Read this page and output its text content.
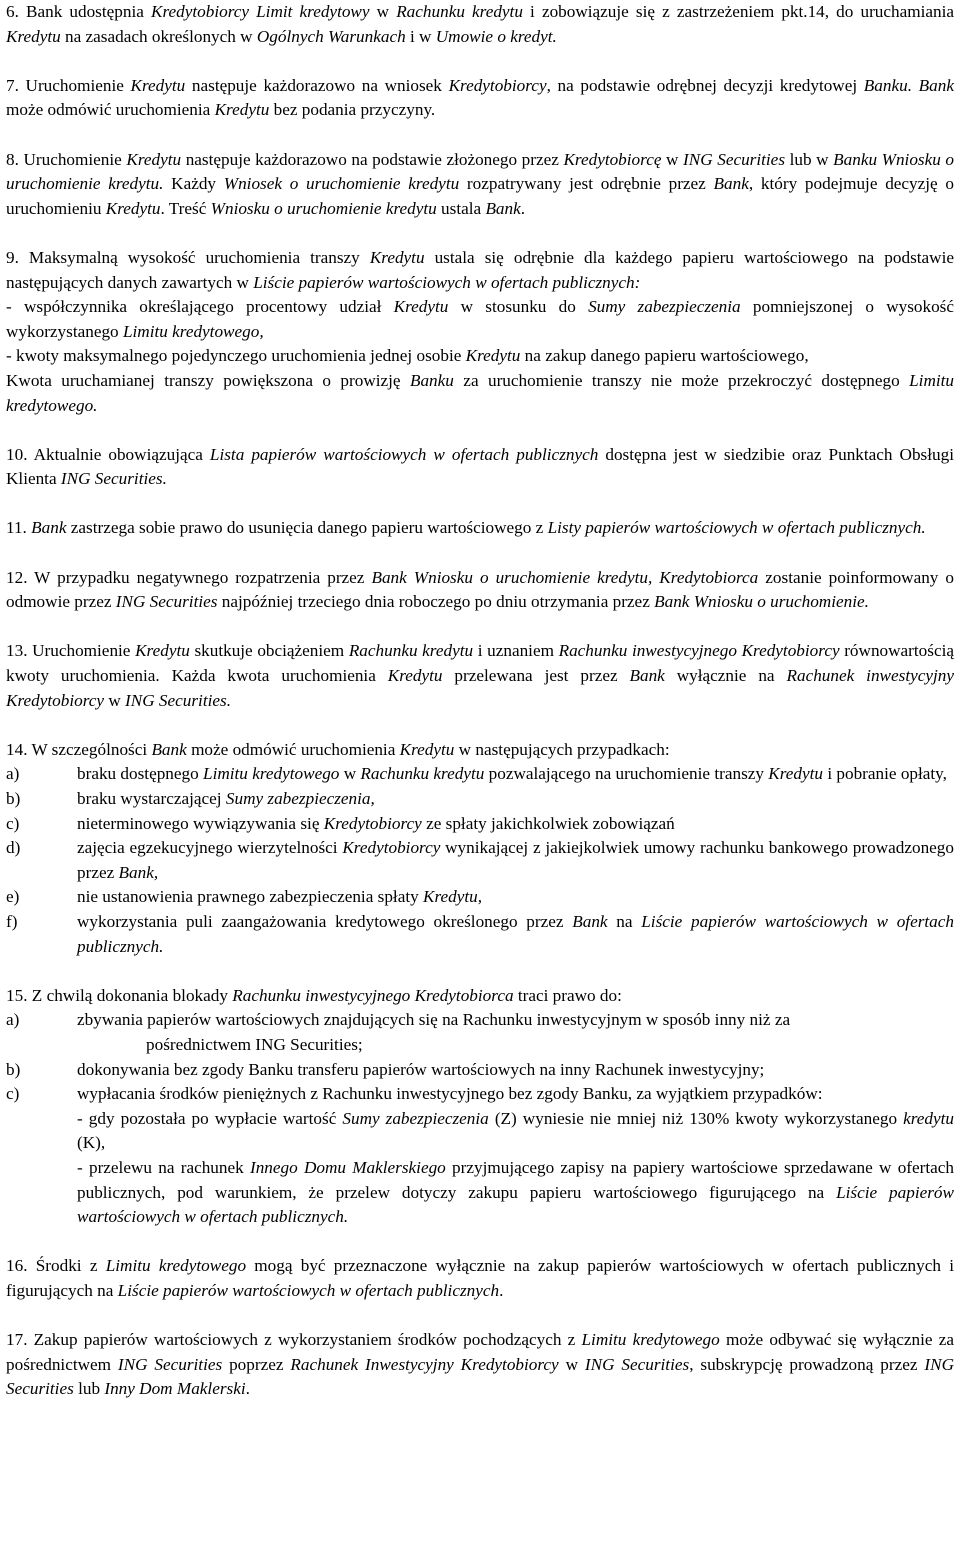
6. Bank udostępnia Kredytobiorcy Limit kredytowy w Rachunku kredytu i zobowiązuje się z zastrzeżeniem pkt.14, do uruchamiania Kredytu na zasadach określonych w Ogólnych Warunkach i w Umowie o kredyt.

7. Uruchomienie Kredytu następuje każdorazowo na wniosek Kredytobiorcy, na podstawie odrębnej decyzji kredytowej Banku. Bank może odmówić uruchomienia Kredytu bez podania przyczyny.

8. Uruchomienie Kredytu następuje każdorazowo na podstawie złożonego przez Kredytobiorcę w ING Securities lub w Banku Wniosku o uruchomienie kredytu. Każdy Wniosek o uruchomienie kredytu rozpatrywany jest odrębnie przez Bank, który podejmuje decyzję o uruchomieniu Kredytu. Treść Wniosku o uruchomienie kredytu ustala Bank.

9. Maksymalną wysokość uruchomienia transzy Kredytu ustala się odrębnie dla każdego papieru wartościowego na podstawie następujących danych zawartych w Liście papierów wartościowych w ofertach publicznych:

- współczynnika określającego procentowy udział Kredytu w stosunku do Sumy zabezpieczenia pomniejszonej o wysokość wykorzystanego Limitu kredytowego,

- kwoty maksymalnego pojedynczego uruchomienia jednej osobie Kredytu na zakup danego papieru wartościowego,

Kwota uruchamianej transzy powiększona o prowizję Banku za uruchomienie transzy nie może przekroczyć dostępnego Limitu kredytowego.

10. Aktualnie obowiązująca Lista papierów wartościowych w ofertach publicznych dostępna jest w siedzibie oraz Punktach Obsługi Klienta ING Securities.

11. Bank zastrzega sobie prawo do usunięcia danego papieru wartościowego z Listy papierów wartościowych w ofertach publicznych.

12. W przypadku negatywnego rozpatrzenia przez Bank Wniosku o uruchomienie kredytu, Kredytobiorca zostanie poinformowany o odmowie przez ING Securities najpóźniej trzeciego dnia roboczego po dniu otrzymania przez Bank Wniosku o uruchomienie.

13. Uruchomienie Kredytu skutkuje obciążeniem Rachunku kredytu i uznaniem Rachunku inwestycyjnego Kredytobiorcy równowartością kwoty uruchomienia. Każda kwota uruchomienia Kredytu przelewana jest przez Bank wyłącznie na Rachunek inwestycyjny Kredytobiorcy w ING Securities.

14. W szczególności Bank może odmówić uruchomienia Kredytu w następujących przypadkach:

a)	braku dostępnego Limitu kredytowego w Rachunku kredytu pozwalającego na uruchomienie transzy Kredytu i pobranie opłaty,
b)	braku wystarczającej Sumy zabezpieczenia,
c)	nieterminowego wywiązywania się Kredytobiorcy ze spłaty jakichkolwiek zobowiązań
d)	zajęcia egzekucyjnego wierzytelności Kredytobiorcy wynikającej z jakiejkolwiek umowy rachunku bankowego prowadzonego przez Bank,
e)	nie ustanowienia prawnego zabezpieczenia spłaty Kredytu,
f)	wykorzystania puli zaangażowania kredytowego określonego przez Bank na Liście papierów wartościowych w ofertach publicznych.

15. Z chwilą dokonania blokady Rachunku inwestycyjnego Kredytobiorca traci prawo do:

a)	zbywania papierów wartościowych znajdujących się na Rachunku inwestycyjnym w sposób inny niż za
pośrednictwem ING Securities;
b)	dokonywania bez zgody Banku transferu papierów wartościowych na inny Rachunek inwestycyjny;
c)	wypłacania środków pieniężnych z Rachunku inwestycyjnego bez zgody Banku, za wyjątkiem przypadków:
- gdy pozostała po wypłacie wartość Sumy zabezpieczenia (Z) wyniesie nie mniej niż 130% kwoty wykorzystanego kredytu (K),
- przelewu na rachunek Innego Domu Maklerskiego przyjmującego zapisy na papiery wartościowe sprzedawane w ofertach publicznych, pod warunkiem, że przelew dotyczy zakupu papieru wartościowego figurującego na Liście papierów wartościowych w ofertach publicznych.

16. Środki z Limitu kredytowego mogą być przeznaczone wyłącznie na zakup papierów wartościowych w ofertach publicznych i figurujących na Liście papierów wartościowych w ofertach publicznych.

17. Zakup papierów wartościowych z wykorzystaniem środków pochodzących z Limitu kredytowego może odbywać się wyłącznie za pośrednictwem ING Securities poprzez Rachunek Inwestycyjny Kredytobiorcy w ING Securities, subskrypcję prowadzoną przez ING Securities lub Inny Dom Maklerski.
